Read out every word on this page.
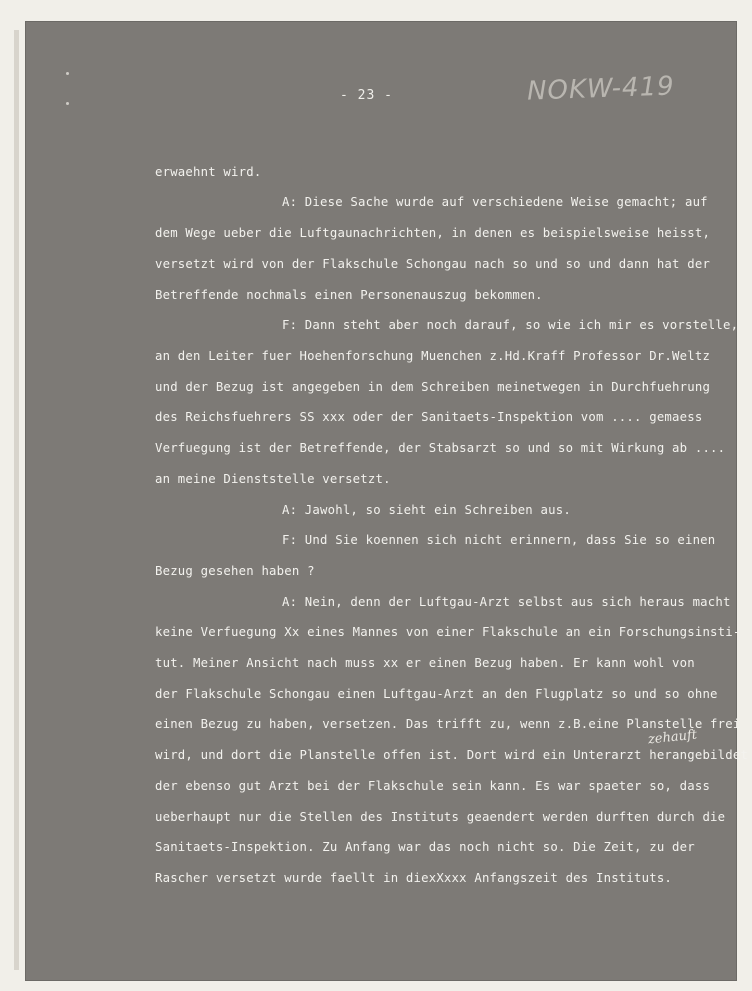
- 23 -	NOKW-419
zehauft
erwaehnt wird.
A: Diese Sache wurde auf verschiedene Weise gemacht; auf
dem Wege ueber die Luftgaunachrichten, in denen es beispielsweise heisst,
versetzt wird von der Flakschule Schongau nach so und so und dann hat der
Betreffende nochmals einen Personenauszug bekommen.
F: Dann steht aber noch darauf, so wie ich mir es vorstelle,
an den Leiter fuer Hoehenforschung Muenchen z.Hd.Kraff Professor Dr.Weltz
und der Bezug ist angegeben in dem Schreiben meinetwegen in Durchfuehrung
des Reichsfuehrers SS xxx oder der Sanitaets-Inspektion vom .... gemaess
Verfuegung ist der Betreffende, der Stabsarzt so und so mit Wirkung ab ....
an meine Dienststelle versetzt.
A: Jawohl, so sieht ein Schreiben aus.
F: Und Sie koennen sich nicht erinnern, dass Sie so einen
Bezug gesehen haben ?
A: Nein, denn der Luftgau-Arzt selbst aus sich heraus macht
keine Verfuegung Xx eines Mannes von einer Flakschule an ein Forschungsinsti-
tut. Meiner Ansicht nach muss xx er einen Bezug haben. Er kann wohl von
der Flakschule Schongau einen Luftgau-Arzt an den Flugplatz so und so ohne
einen Bezug zu haben, versetzen. Das trifft zu, wenn z.B.eine Planstelle frei
wird, und dort die Planstelle offen ist. Dort wird ein Unterarzt herangebildet
der ebenso gut Arzt bei der Flakschule sein kann. Es war spaeter so, dass
ueberhaupt nur die Stellen des Instituts geaendert werden durften durch die
Sanitaets-Inspektion. Zu Anfang war das noch nicht so. Die Zeit, zu der
Rascher versetzt wurde faellt in diexXxxx Anfangszeit des Instituts.
